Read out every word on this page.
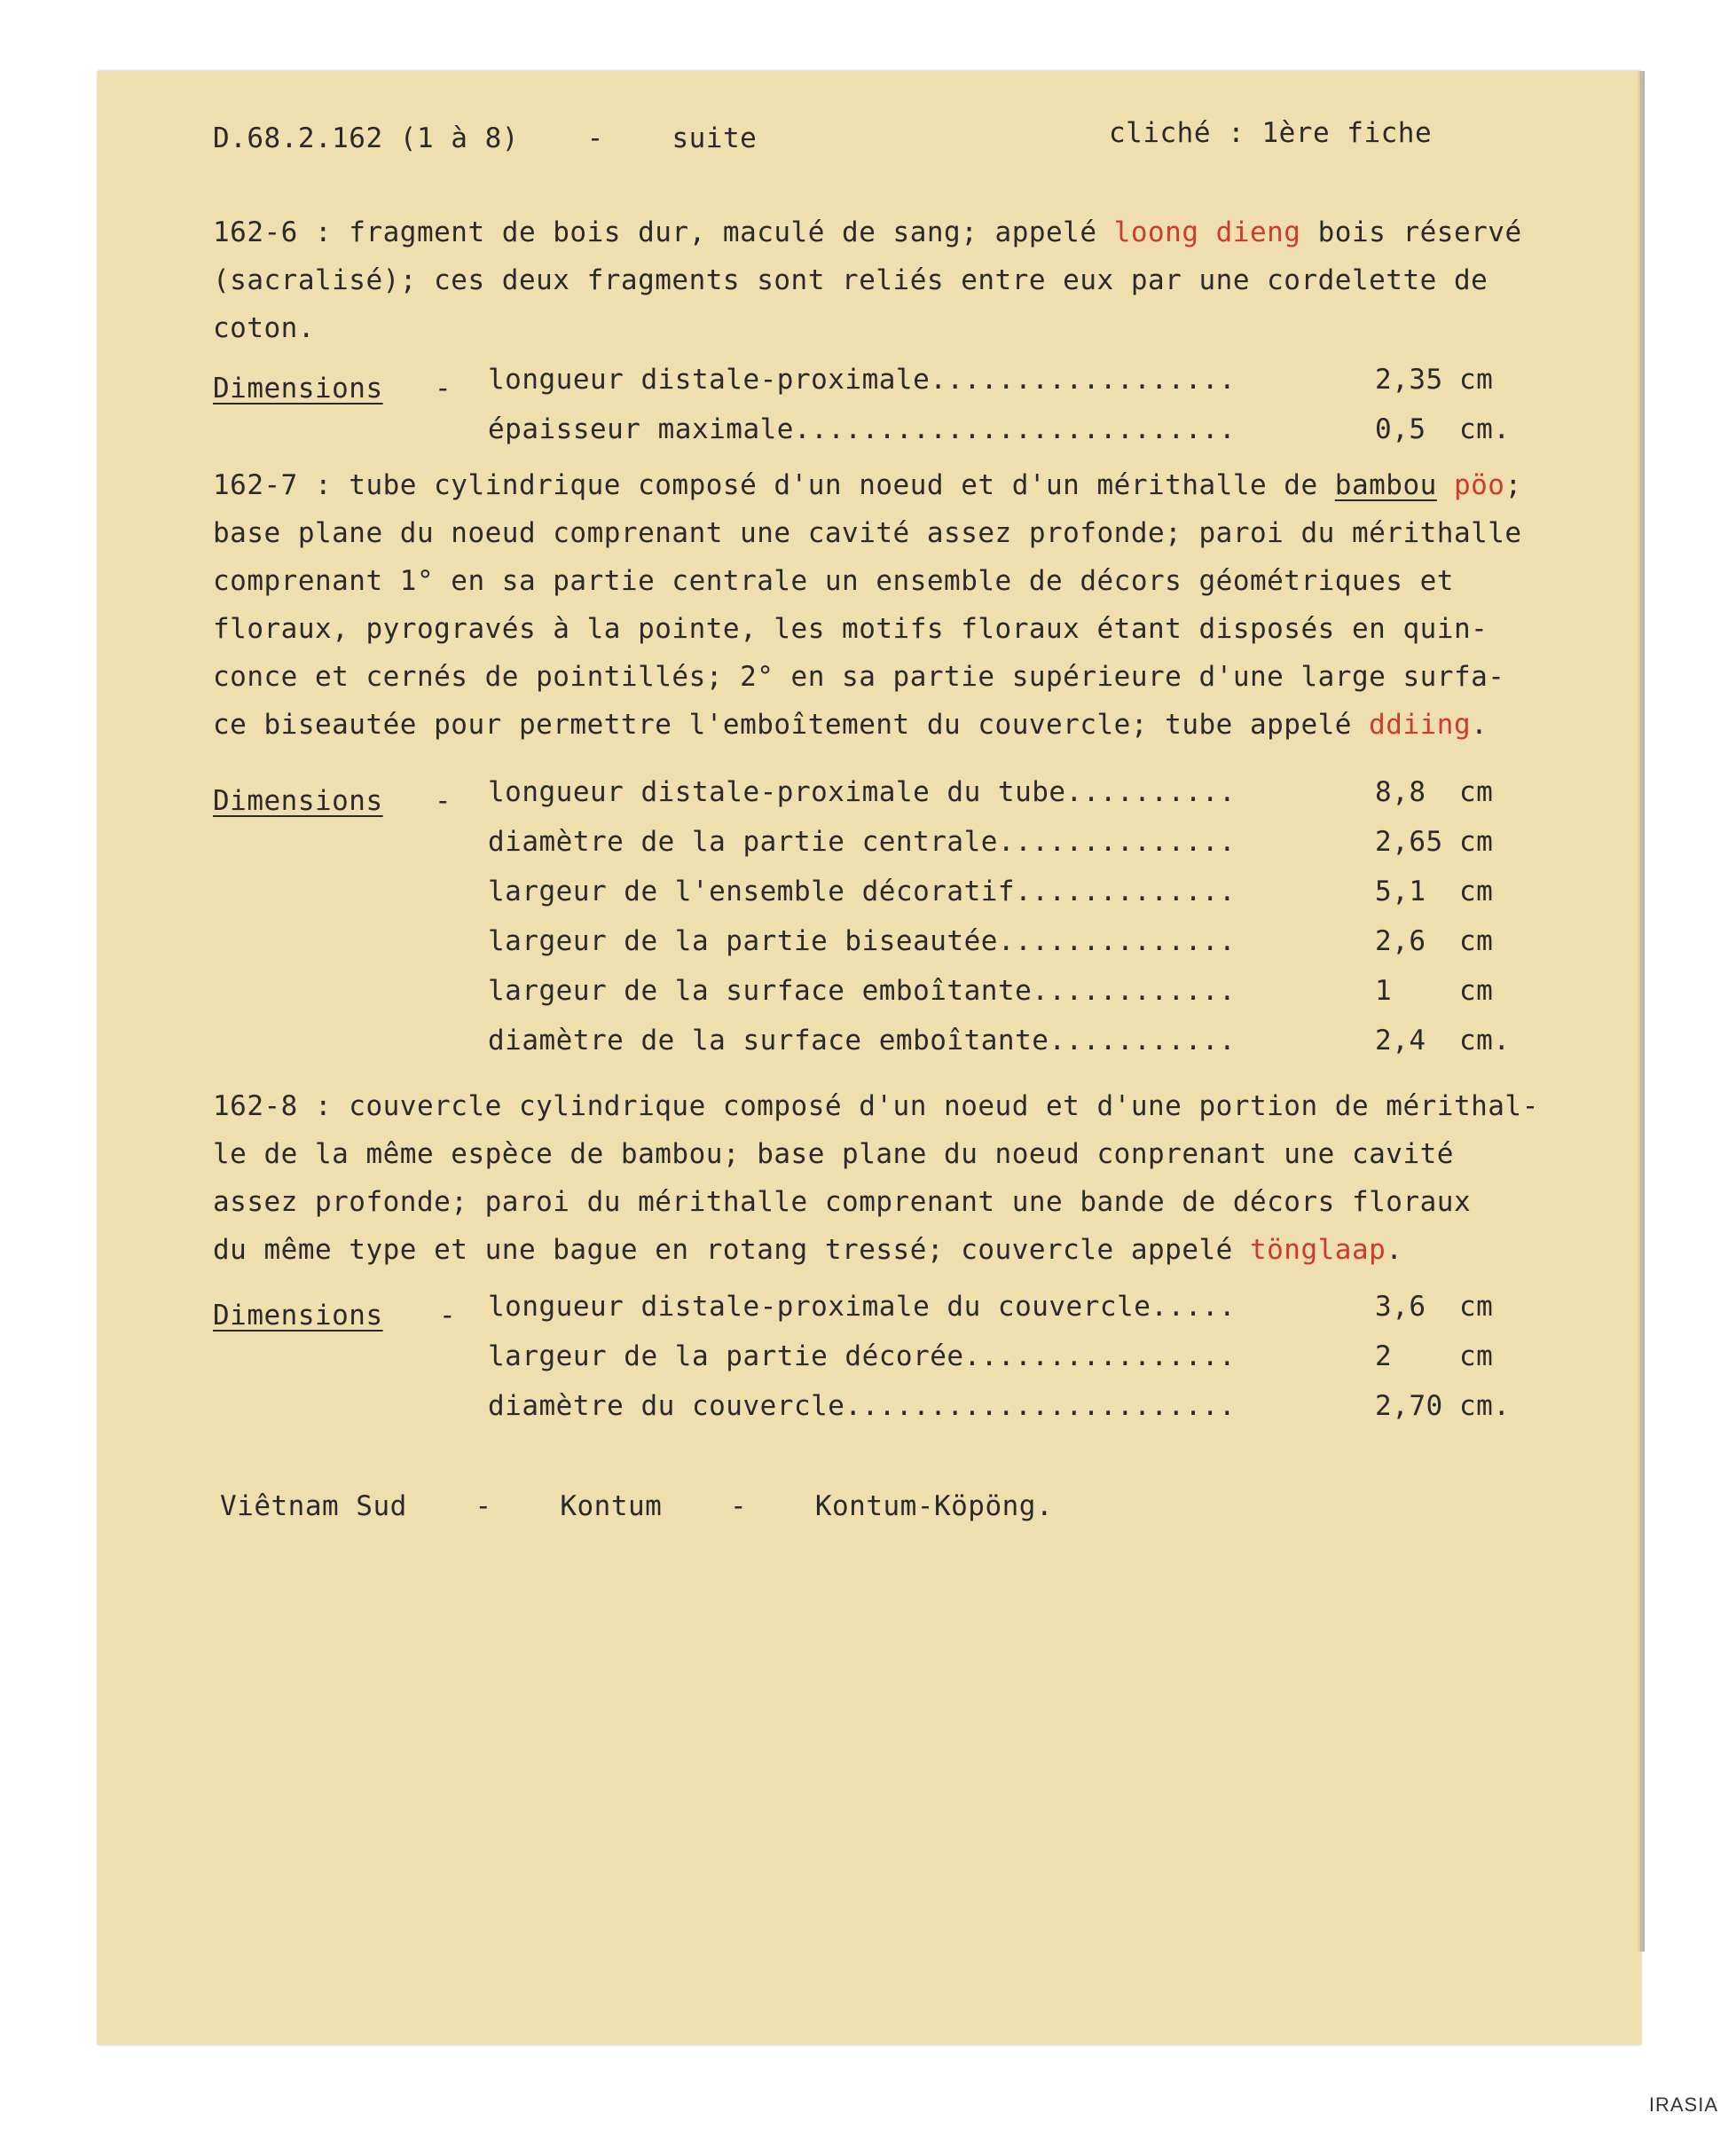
D.68.2.162 (1 à 8) - suite	cliché : 1ère fiche
162-6 : fragment de bois dur, maculé de sang; appelé loong dieng bois réservé
(sacralisé); ces deux fragments sont reliés entre eux par une cordelette de
coton.
Dimensions - longueur distale-proximale..................	2,35 cm
épaisseur maximale..........................	0,5 cm.
162-7 : tube cylindrique composé d'un noeud et d'un mérithalle de bambou pöo;
base plane du noeud comprenant une cavité assez profonde; paroi du mérithalle
comprenant 1° en sa partie centrale un ensemble de décors géométriques et
floraux, pyrogravés à la pointe, les motifs floraux étant disposés en quin-
conce et cernés de pointillés; 2° en sa partie supérieure d'une large surfa-
ce biseautée pour permettre l'emboîtement du couvercle; tube appelé ddiing.
Dimensions - longueur distale-proximale du tube..........	8,8 cm
diamètre de la partie centrale..............	2,65 cm
largeur de l'ensemble décoratif.............	5,1 cm
largeur de la partie biseautée..............	2,6 cm
largeur de la surface emboîtante............	1 cm
diamètre de la surface emboîtante...........	2,4 cm.
162-8 : couvercle cylindrique composé d'un noeud et d'une portion de mérithal-
le de la même espèce de bambou; base plane du noeud conprenant une cavité
assez profonde; paroi du mérithalle comprenant une bande de décors floraux
du même type et une bague en rotang tressé; couvercle appelé tönglaap.
Dimensions - longueur distale-proximale du couvercle.....	3,6 cm
largeur de la partie décorée................	2 cm
diamètre du couvercle.......................	2,70 cm.
Viêtnam Sud - Kontum - Kontum-Köpöng.
IRASIA
